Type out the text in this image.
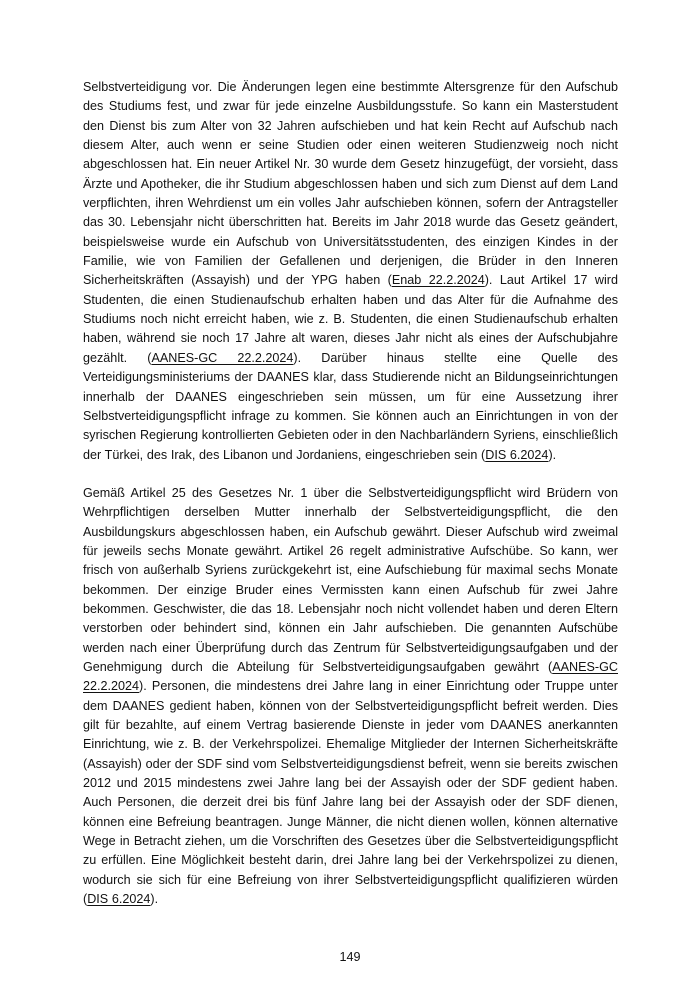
Selbstverteidigung vor. Die Änderungen legen eine bestimmte Altersgrenze für den Aufschub des Studiums fest, und zwar für jede einzelne Ausbildungsstufe. So kann ein Masterstudent den Dienst bis zum Alter von 32 Jahren aufschieben und hat kein Recht auf Aufschub nach diesem Alter, auch wenn er seine Studien oder einen weiteren Studienzweig noch nicht abgeschlossen hat. Ein neuer Artikel Nr. 30 wurde dem Gesetz hinzugefügt, der vorsieht, dass Ärzte und Apotheker, die ihr Studium abgeschlossen haben und sich zum Dienst auf dem Land verpflichten, ihren Wehrdienst um ein volles Jahr aufschieben können, sofern der Antragsteller das 30. Lebensjahr nicht überschritten hat. Bereits im Jahr 2018 wurde das Gesetz geändert, beispielsweise wurde ein Aufschub von Universitätsstudenten, des einzigen Kindes in der Familie, wie von Familien der Gefallenen und derjenigen, die Brüder in den Inneren Sicherheitskräften (Assayish) und der YPG haben (Enab 22.2.2024). Laut Artikel 17 wird Studenten, die einen Studienaufschub erhalten haben und das Alter für die Aufnahme des Studiums noch nicht erreicht haben, wie z. B. Studenten, die einen Studienaufschub erhalten haben, während sie noch 17 Jahre alt waren, dieses Jahr nicht als eines der Aufschubjahre gezählt. (AANES-GC 22.2.2024). Darüber hinaus stellte eine Quelle des Verteidigungsministeriums der DAANES klar, dass Studierende nicht an Bildungseinrichtungen innerhalb der DAANES eingeschrieben sein müssen, um für eine Aussetzung ihrer Selbstverteidigungspflicht infrage zu kommen. Sie können auch an Einrichtungen in von der syrischen Regierung kontrollierten Gebieten oder in den Nachbarländern Syriens, einschließlich der Türkei, des Irak, des Libanon und Jordaniens, eingeschrieben sein (DIS 6.2024).

Gemäß Artikel 25 des Gesetzes Nr. 1 über die Selbstverteidigungspflicht wird Brüdern von Wehrpflichtigen derselben Mutter innerhalb der Selbstverteidigungspflicht, die den Ausbildungskurs abgeschlossen haben, ein Aufschub gewährt. Dieser Aufschub wird zweimal für jeweils sechs Monate gewährt. Artikel 26 regelt administrative Aufschübe. So kann, wer frisch von außerhalb Syriens zurückgekehrt ist, eine Aufschiebung für maximal sechs Monate bekommen. Der einzige Bruder eines Vermissten kann einen Aufschub für zwei Jahre bekommen. Geschwister, die das 18. Lebensjahr noch nicht vollendet haben und deren Eltern verstorben oder behindert sind, können ein Jahr aufschieben. Die genannten Aufschübe werden nach einer Überprüfung durch das Zentrum für Selbstverteidigungsaufgaben und der Genehmigung durch die Abteilung für Selbstverteidigungsaufgaben gewährt (AANES-GC 22.2.2024). Personen, die mindestens drei Jahre lang in einer Einrichtung oder Truppe unter dem DAANES gedient haben, können von der Selbstverteidigungspflicht befreit werden. Dies gilt für bezahlte, auf einem Vertrag basierende Dienste in jeder vom DAANES anerkannten Einrichtung, wie z. B. der Verkehrspolizei. Ehemalige Mitglieder der Internen Sicherheitskräfte (Assayish) oder der SDF sind vom Selbstverteidigungsdienst befreit, wenn sie bereits zwischen 2012 und 2015 mindestens zwei Jahre lang bei der Assayish oder der SDF gedient haben. Auch Personen, die derzeit drei bis fünf Jahre lang bei der Assayish oder der SDF dienen, können eine Befreiung beantragen. Junge Männer, die nicht dienen wollen, können alternative Wege in Betracht ziehen, um die Vorschriften des Gesetzes über die Selbstverteidigungspflicht zu erfüllen. Eine Möglichkeit besteht darin, drei Jahre lang bei der Verkehrspolizei zu dienen, wodurch sie sich für eine Befreiung von ihrer Selbstverteidigungspflicht qualifizieren würden (DIS 6.2024).

149
